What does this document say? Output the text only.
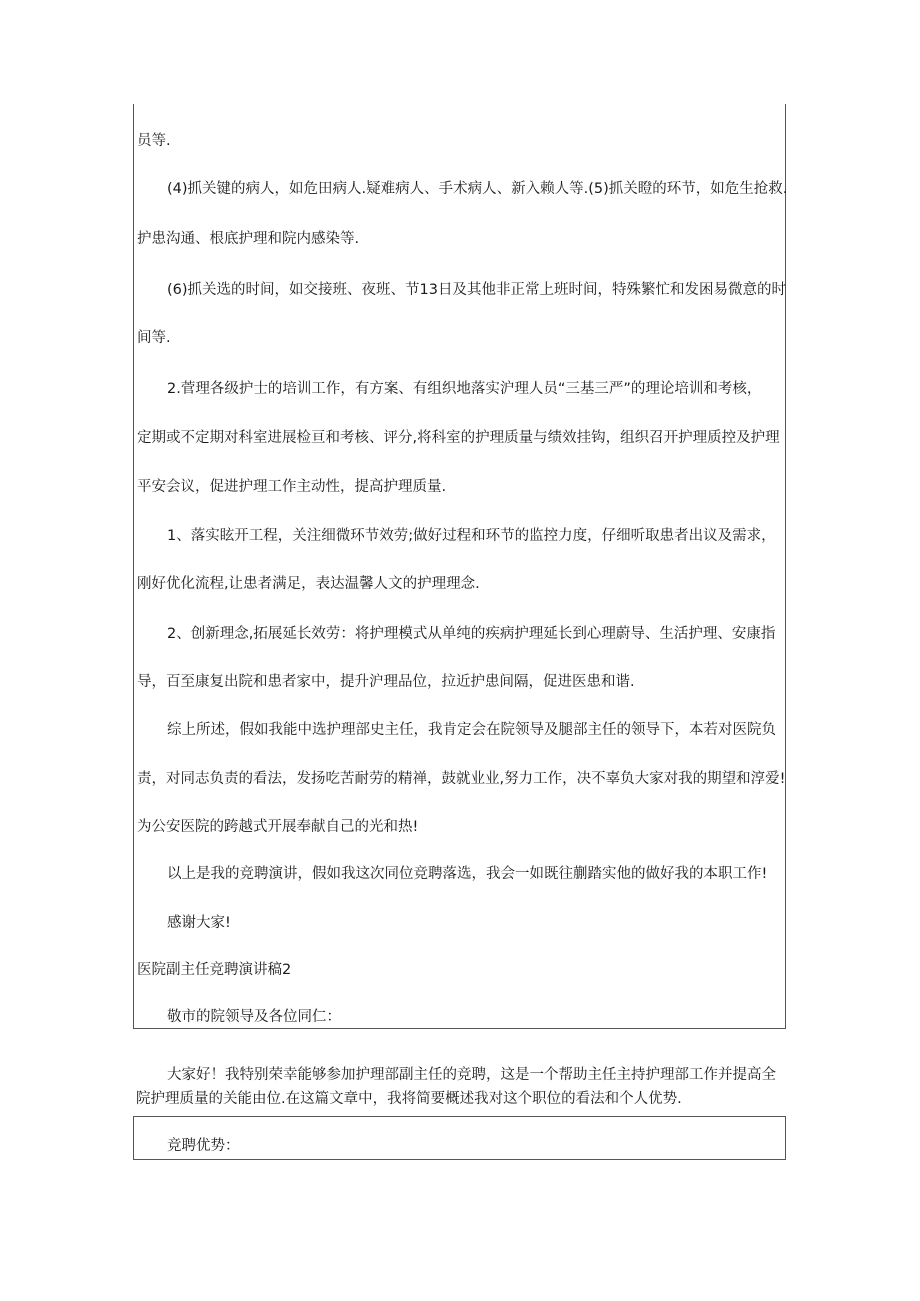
员等.
(4)抓关键的病人，如危田病人.疑难病人、手术病人、新入赖人等.(5)抓关瞪的环节，如危生抢救.
护患沟通、根底护理和院内感染等.
(6)抓关选的时间，如交接班、夜班、节13日及其他非正常上班时间，特殊繁忙和发困易微意的时
间等.
2.菅理各级护士的培训工作，有方案、有组织地落实沪理人员“三基三严”的理论培训和考核，
定期或不定期对科室进展检亘和考核、评分,将科室的护理质量与绩效挂钩，组织召开护理质控及护理
平安会议，促进护理工作主动性，提高护理质量.
1、落实眩开工程，关注细微环节效劳;做好过程和环节的监控力度，仔细听取患者出议及需求，
刚好优化流程,让患者满足，表达温馨人文的护理理念.
2、创新理念,拓展延长效劳：将护理模式从单纯的疾病护理延长到心理蔚导、生活护理、安康指
导，百至康复出院和患者家中，提升沪理品位，拉近护患间隔，促进医患和谐.
综上所述，假如我能中选护理部史主任，我肯定会在院领导及腿部主任的领导下，本若对医院负
责，对同志负责的看法，发扬吃苦耐劳的精禅，鼓就业业,努力工作，决不辜负大家对我的期望和淳爱!
为公安医院的跨越式开展奉献自己的光和热!
以上是我的竞聘演讲，假如我这次同位竞聘落选，我会一如既往蒯踏实他的做好我的本职工作!
感谢大家!
医院副主任竞聘演讲稿2
敬市的院领导及各位同仁：
大家好！我特别荣幸能够参加护理部副主任的竞聘，这是一个帮助主任主持护理部工作并提高全
院护理质量的关能由位.在这篇文章中，我将简要概述我对这个职位的看法和个人优势.
竞聘优势：
